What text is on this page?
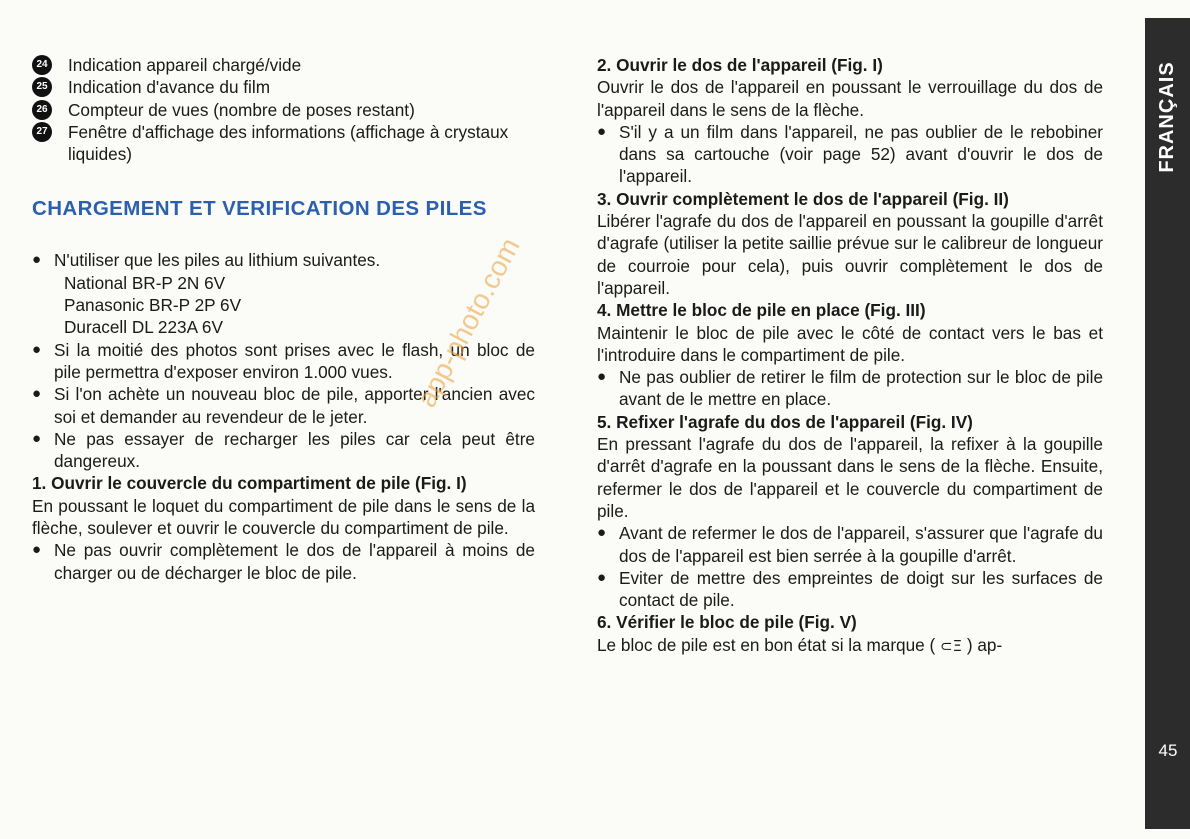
24 Indication appareil chargé/vide
25 Indication d'avance du film
26 Compteur de vues (nombre de poses restant)
27 Fenêtre d'affichage des informations (affichage à crystaux liquides)
CHARGEMENT ET VERIFICATION DES PILES
● N'utiliser que les piles au lithium suivantes.
National BR-P 2N 6V
Panasonic BR-P 2P 6V
Duracell DL 223A 6V
● Si la moitié des photos sont prises avec le flash, un bloc de pile permettra d'exposer environ 1.000 vues.
● Si l'on achète un nouveau bloc de pile, apporter l'ancien avec soi et demander au revendeur de le jeter.
● Ne pas essayer de recharger les piles car cela peut être dangereux.

1. Ouvrir le couvercle du compartiment de pile (Fig. I)

En poussant le loquet du compartiment de pile dans le sens de la flèche, soulever et ouvrir le couvercle du compartiment de pile.

● Ne pas ouvrir complètement le dos de l'appareil à moins de charger ou de décharger le bloc de pile.

2. Ouvrir le dos de l'appareil (Fig. I)

Ouvrir le dos de l'appareil en poussant le verrouillage du dos de l'appareil dans le sens de la flèche.

● S'il y a un film dans l'appareil, ne pas oublier de le rebobiner dans sa cartouche (voir page 52) avant d'ouvrir le dos de l'appareil.

3. Ouvrir complètement le dos de l'appareil (Fig. II)

Libérer l'agrafe du dos de l'appareil en poussant la goupille d'arrêt d'agrafe (utiliser la petite saillie prévue sur le calibreur de longueur de courroie pour cela), puis ouvrir complètement le dos de l'appareil.

4. Mettre le bloc de pile en place (Fig. III)

Maintenir le bloc de pile avec le côté de contact vers le bas et l'introduire dans le compartiment de pile.

● Ne pas oublier de retirer le film de protection sur le bloc de pile avant de le mettre en place.

5. Refixer l'agrafe du dos de l'appareil (Fig. IV)

En pressant l'agrafe du dos de l'appareil, la refixer à la goupille d'arrêt d'agrafe en la poussant dans le sens de la flèche. Ensuite, refermer le dos de l'appareil et le couvercle du compartiment de pile.

● Avant de refermer le dos de l'appareil, s'assurer que l'agrafe du dos de l'appareil est bien serrée à la goupille d'arrêt.
● Eviter de mettre des empreintes de doigt sur les surfaces de contact de pile.

6. Vérifier le bloc de pile (Fig. V)

Le bloc de pile est en bon état si la marque ( ⊂Ξ ) ap-

FRANÇAIS
45
app-photo.com
